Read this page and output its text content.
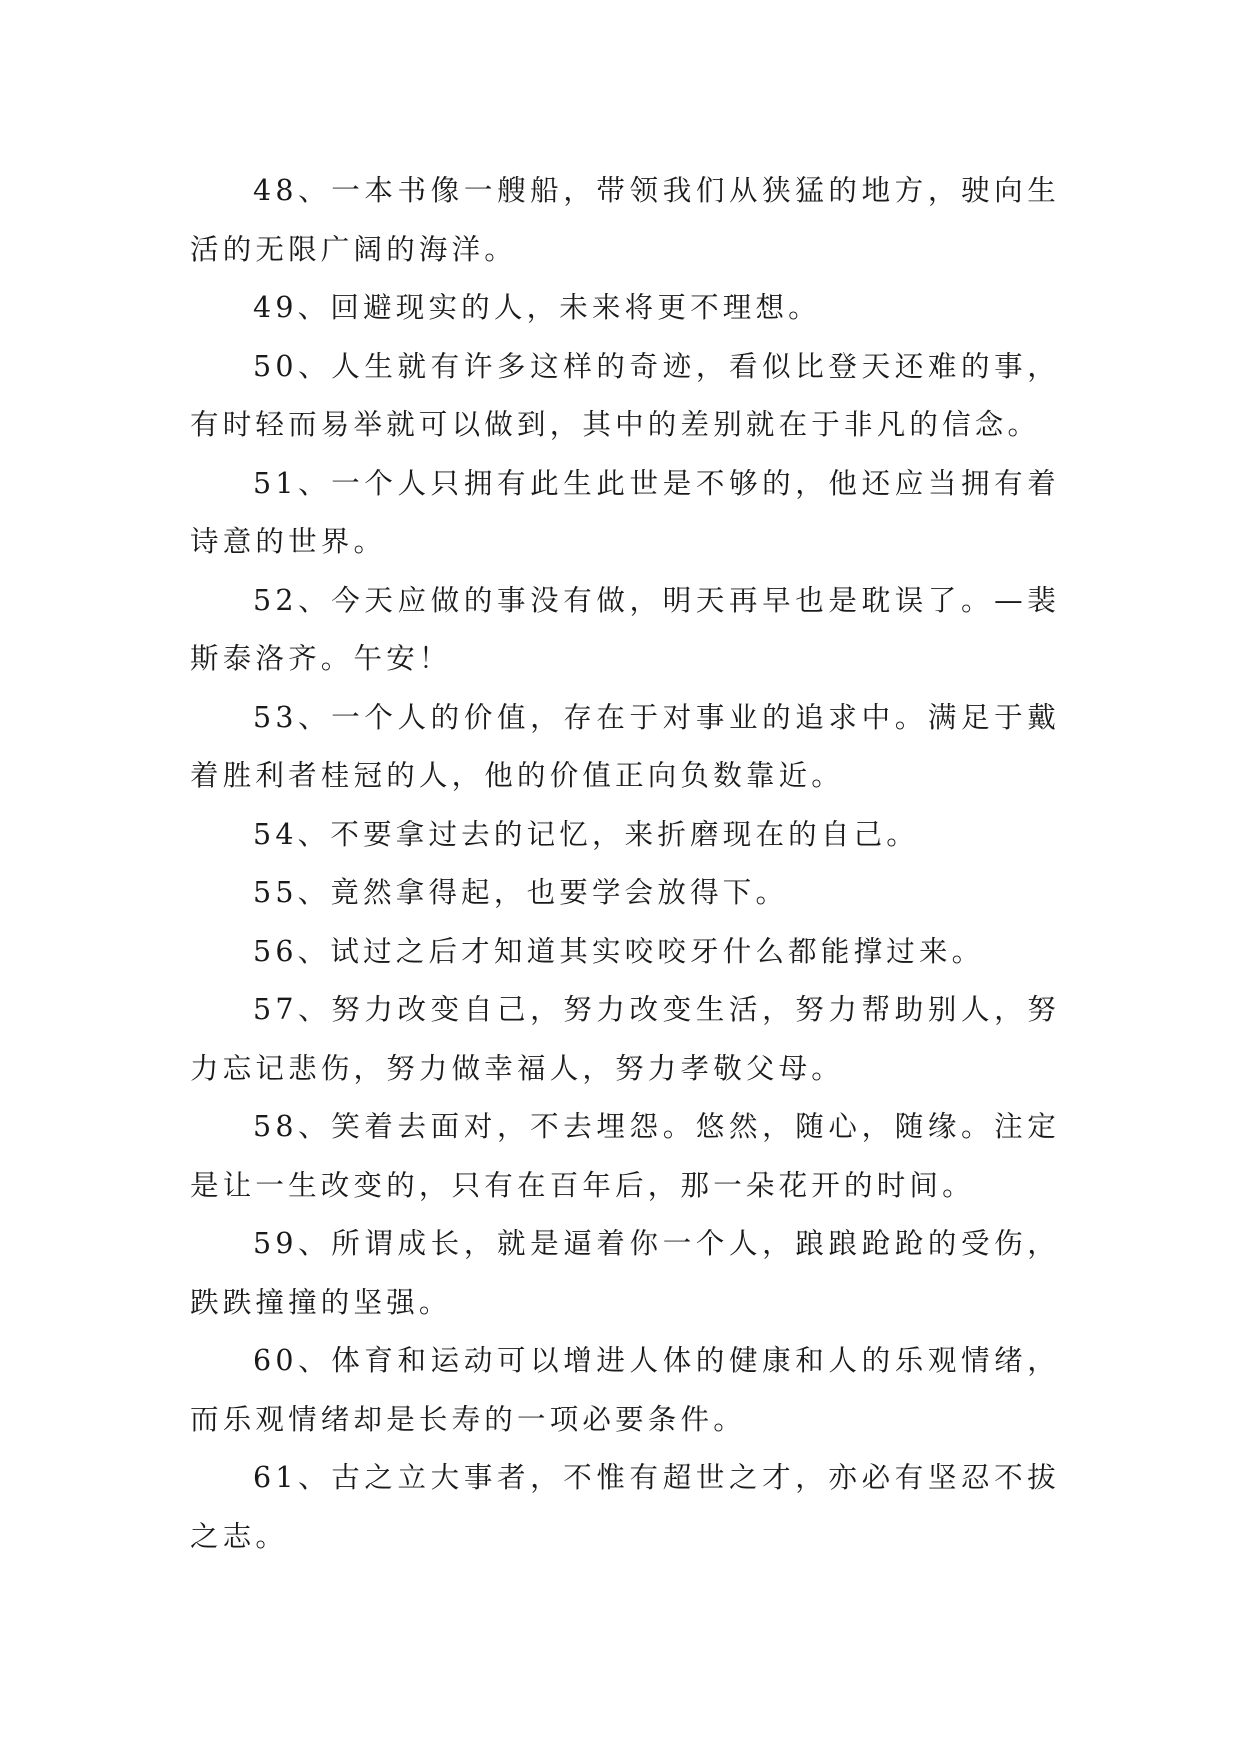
48、一本书像一艘船，带领我们从狭猛的地方，驶向生活的无限广阔的海洋。

49、回避现实的人，未来将更不理想。

50、人生就有许多这样的奇迹，看似比登天还难的事，有时轻而易举就可以做到，其中的差别就在于非凡的信念。

51、一个人只拥有此生此世是不够的，他还应当拥有着诗意的世界。

52、今天应做的事没有做，明天再早也是耽误了。—裴斯泰洛齐。午安！

53、一个人的价值，存在于对事业的追求中。满足于戴着胜利者桂冠的人，他的价值正向负数靠近。

54、不要拿过去的记忆，来折磨现在的自己。

55、竟然拿得起，也要学会放得下。

56、试过之后才知道其实咬咬牙什么都能撑过来。

57、努力改变自己，努力改变生活，努力帮助别人，努力忘记悲伤，努力做幸福人，努力孝敬父母。

58、笑着去面对，不去埋怨。悠然，随心，随缘。注定是让一生改变的，只有在百年后，那一朵花开的时间。

59、所谓成长，就是逼着你一个人，踉踉跄跄的受伤，跌跌撞撞的坚强。

60、体育和运动可以增进人体的健康和人的乐观情绪，而乐观情绪却是长寿的一项必要条件。

61、古之立大事者，不惟有超世之才，亦必有坚忍不拔之志。
